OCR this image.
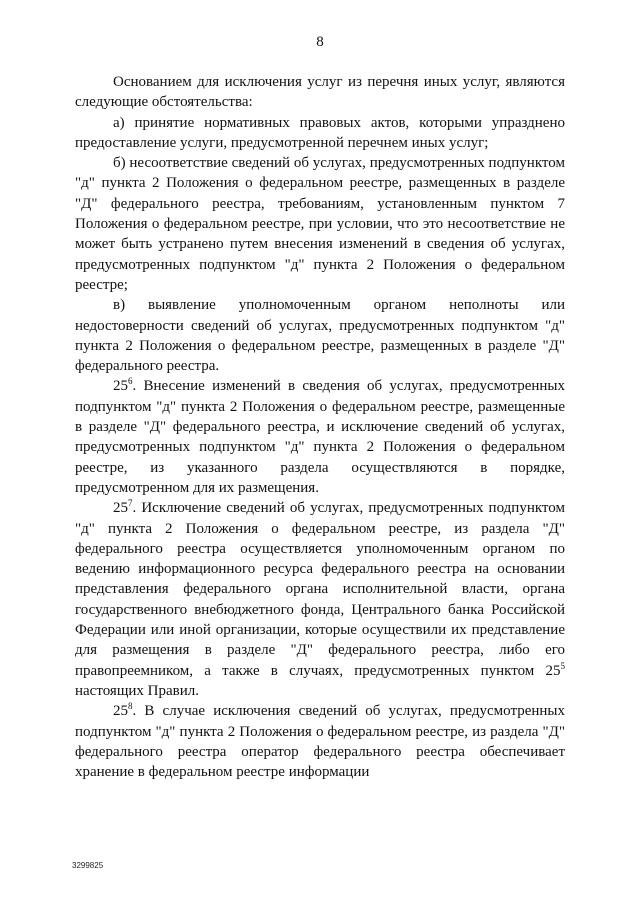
8

Основанием для исключения услуг из перечня иных услуг, являются следующие обстоятельства:

а) принятие нормативных правовых актов, которыми упразднено предоставление услуги, предусмотренной перечнем иных услуг;

б) несоответствие сведений об услугах, предусмотренных подпунктом "д" пункта 2 Положения о федеральном реестре, размещенных в разделе "Д" федерального реестра, требованиям, установленным пунктом 7 Положения о федеральном реестре, при условии, что это несоответствие не может быть устранено путем внесения изменений в сведения об услугах, предусмотренных подпунктом "д" пункта 2 Положения о федеральном реестре;

в) выявление уполномоченным органом неполноты или недостоверности сведений об услугах, предусмотренных подпунктом "д" пункта 2 Положения о федеральном реестре, размещенных в разделе "Д" федерального реестра.

$25^6$. Внесение изменений в сведения об услугах, предусмотренных подпунктом "д" пункта 2 Положения о федеральном реестре, размещенные в разделе "Д" федерального реестра, и исключение сведений об услугах, предусмотренных подпунктом "д" пункта 2 Положения о федеральном реестре, из указанного раздела осуществляются в порядке, предусмотренном для их размещения.

$25^7$. Исключение сведений об услугах, предусмотренных подпунктом "д" пункта 2 Положения о федеральном реестре, из раздела "Д" федерального реестра осуществляется уполномоченным органом по ведению информационного ресурса федерального реестра на основании представления федерального органа исполнительной власти, органа государственного внебюджетного фонда, Центрального банка Российской Федерации или иной организации, которые осуществили их представление для размещения в разделе "Д" федерального реестра, либо его правопреемником, а также в случаях, предусмотренных пунктом $25^5$ настоящих Правил.

$25^8$. В случае исключения сведений об услугах, предусмотренных подпунктом "д" пункта 2 Положения о федеральном реестре, из раздела "Д" федерального реестра оператор федерального реестра обеспечивает хранение в федеральном реестре информации

3299825
